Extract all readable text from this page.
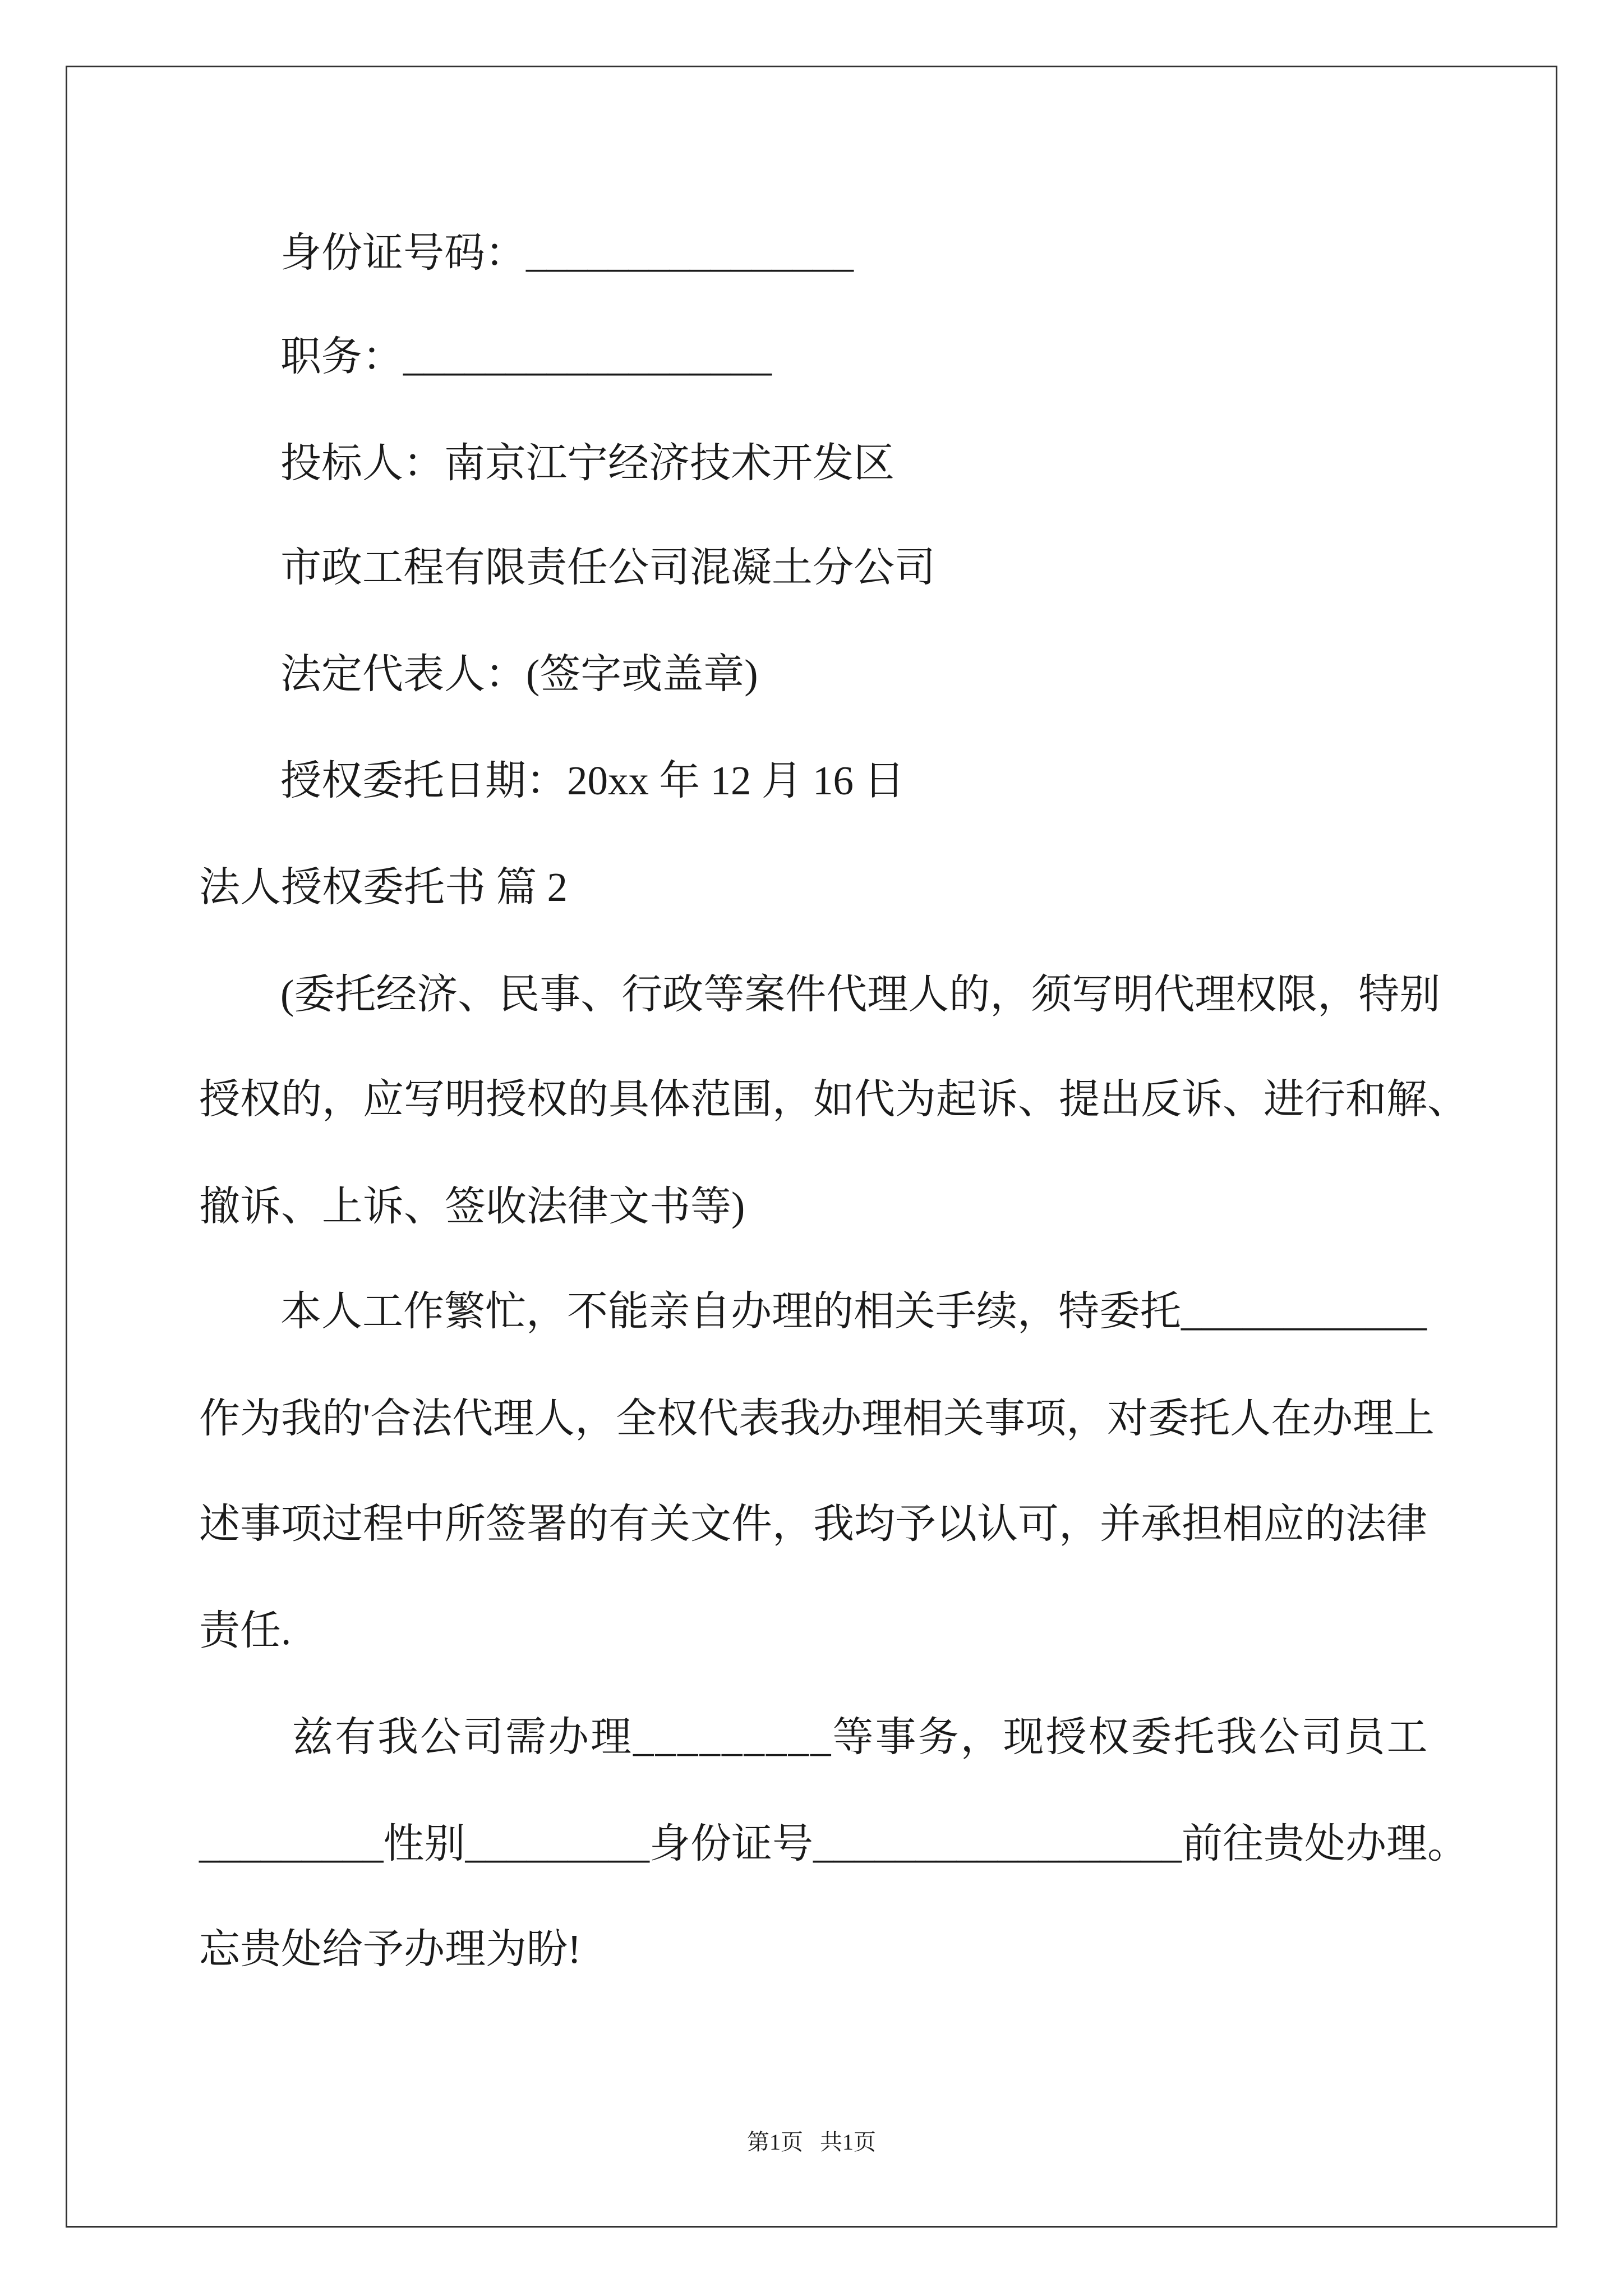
身份证号码：________________
职务：__________________
投标人：南京江宁经济技术开发区
市政工程有限责任公司混凝土分公司
法定代表人：(签字或盖章)
授权委托日期：20xx 年 12 月 16 日
法人授权委托书 篇 2
(委托经济、民事、行政等案件代理人的，须写明代理权限，特别
授权的，应写明授权的具体范围，如代为起诉、提出反诉、进行和解、
撤诉、上诉、签收法律文书等)
本人工作繁忙，不能亲自办理的相关手续，特委托____________
作为我的'合法代理人，全权代表我办理相关事项，对委托人在办理上
述事项过程中所签署的有关文件，我均予以认可，并承担相应的法律
责任.
兹有我公司需办理_________等事务，现授权委托我公司员工
_________性别_________身份证号__________________前往贵处办理。
忘贵处给予办理为盼!
第1页   共1页
